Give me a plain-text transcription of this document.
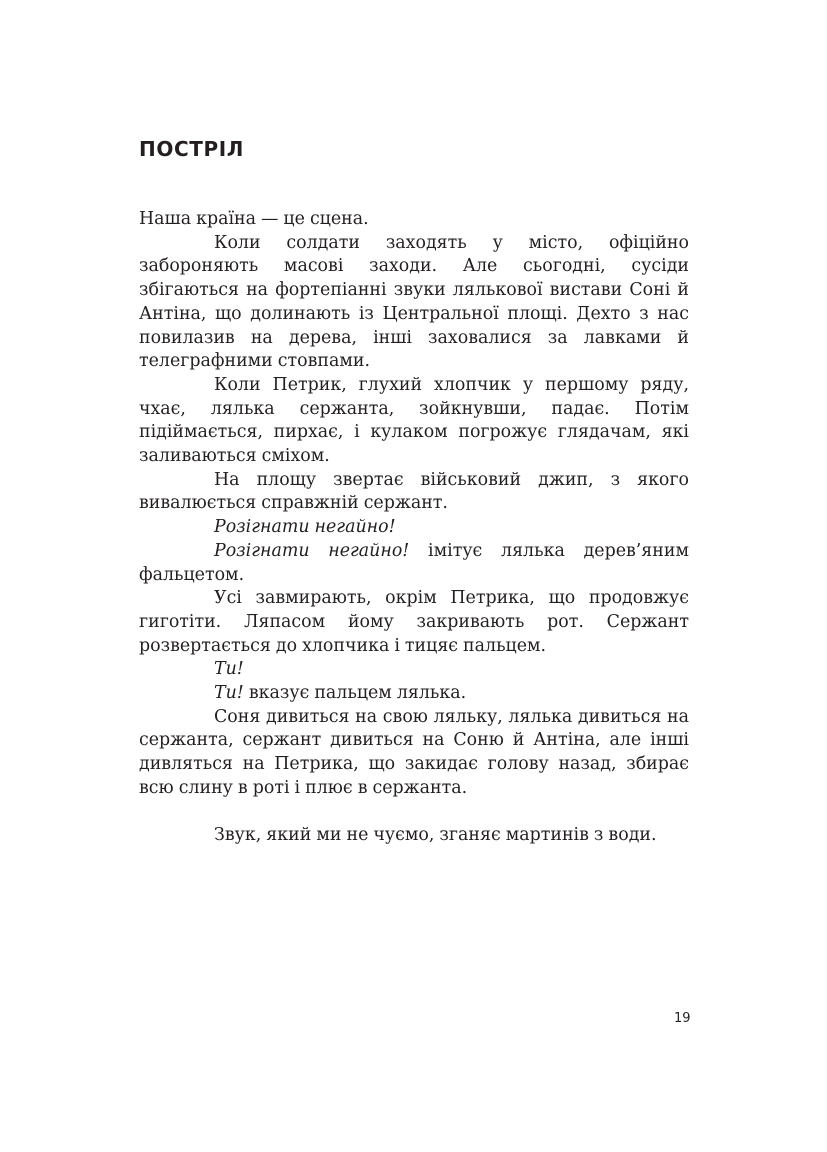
ПОСТРІЛ

Наша країна — це сцена.

Коли солдати заходять у місто, офіційно забороняють масові заходи. Але сьогодні, сусіди збігаються на фортепіанні звуки лялькової вистави Соні й Антіна, що долинають із Центральної площі. Дехто з нас повилазив на дерева, інші заховалися за лавками й телеграфними стовпами.

Коли Петрик, глухий хлопчик у першому ряду, чхає, лялька сержанта, зойкнувши, падає. Потім підіймається, пирхає, і кулаком погрожує глядачам, які заливаються сміхом.

На площу звертає військовий джип, з якого вивалюється справжній сержант.

Розігнати негайно!

Розігнати негайно! імітує лялька дерев’яним фальцетом.

Усі завмирають, окрім Петрика, що продовжує гиготіти. Ляпасом йому закривають рот. Сержант розвертається до хлопчика і тицяє пальцем.

Ти!

Ти! вказує пальцем лялька.

Соня дивиться на свою ляльку, лялька дивиться на сержанта, сержант дивиться на Соню й Антіна, але інші дивляться на Петрика, що закидає голову назад, збирає всю слину в роті і плює в сержанта.

Звук, який ми не чуємо, зганяє мартинів з води.

19
